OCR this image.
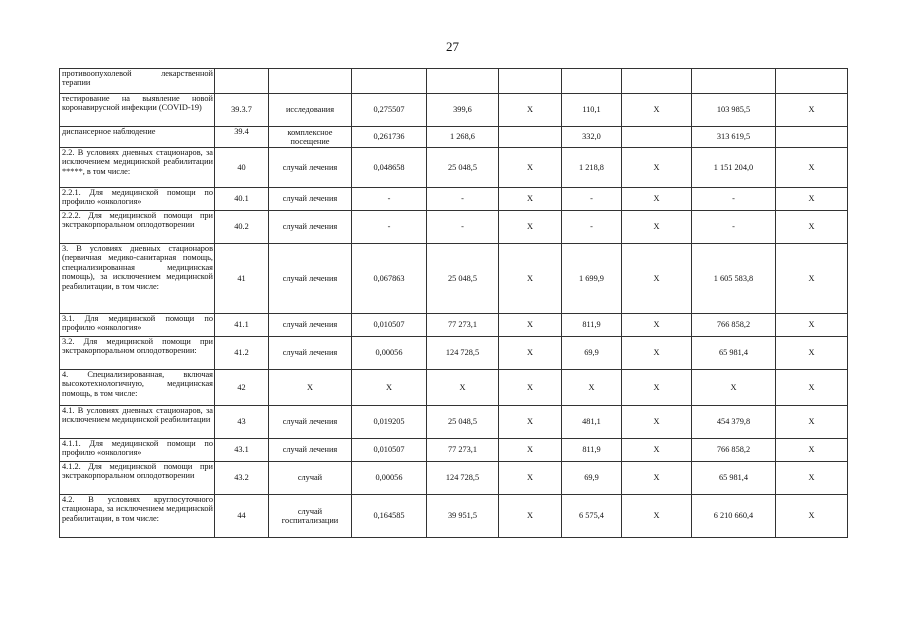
27
противоопухолевой лекарственной терапии									
тестирование на выявление новой коронавирусной инфекции (COVID-19)	39.3.7	исследования	0,275507	399,6	X	110,1	X	103 985,5	X
диспансерное наблюдение	39.4	комплексное посещение	0,261736	1 268,6		332,0		313 619,5	
2.2. В условиях дневных стационаров, за исключением медицинской реабилитации *****, в том числе:	40	случай лечения	0,048658	25 048,5	X	1 218,8	X	1 151 204,0	X
2.2.1. Для медицинской помощи по профилю «онкология»	40.1	случай лечения	-	-	X	-	X	-	X
2.2.2. Для медицинской помощи при экстракорпоральном оплодотворении	40.2	случай лечения	-	-	X	-	X	-	X
3. В условиях дневных стационаров (первичная медико-санитарная помощь, специализированная медицинская помощь), за исключением медицинской реабилитации, в том числе:	41	случай лечения	0,067863	25 048,5	X	1 699,9	X	1 605 583,8	X
3.1. Для медицинской помощи по профилю «онкология»	41.1	случай лечения	0,010507	77 273,1	X	811,9	X	766 858,2	X
3.2. Для медицинской помощи при экстракорпоральном оплодотворении:	41.2	случай лечения	0,00056	124 728,5	X	69,9	X	65 981,4	X
4. Специализированная, включая высокотехнологичную, медицинская помощь, в том числе:	42	X	X	X	X	X	X	X	X
4.1. В условиях дневных стационаров, за исключением медицинской реабилитации	43	случай лечения	0,019205	25 048,5	X	481,1	X	454 379,8	X
4.1.1. Для медицинской помощи по профилю «онкология»	43.1	случай лечения	0,010507	77 273,1	X	811,9	X	766 858,2	X
4.1.2. Для медицинской помощи при экстракорпоральном оплодотворении	43.2	случай	0,00056	124 728,5	X	69,9	X	65 981,4	X
4.2. В условиях круглосуточного стационара, за исключением медицинской реабилитации, в том числе:	44	случай госпитализации	0,164585	39 951,5	X	6 575,4	X	6 210 660,4	X
